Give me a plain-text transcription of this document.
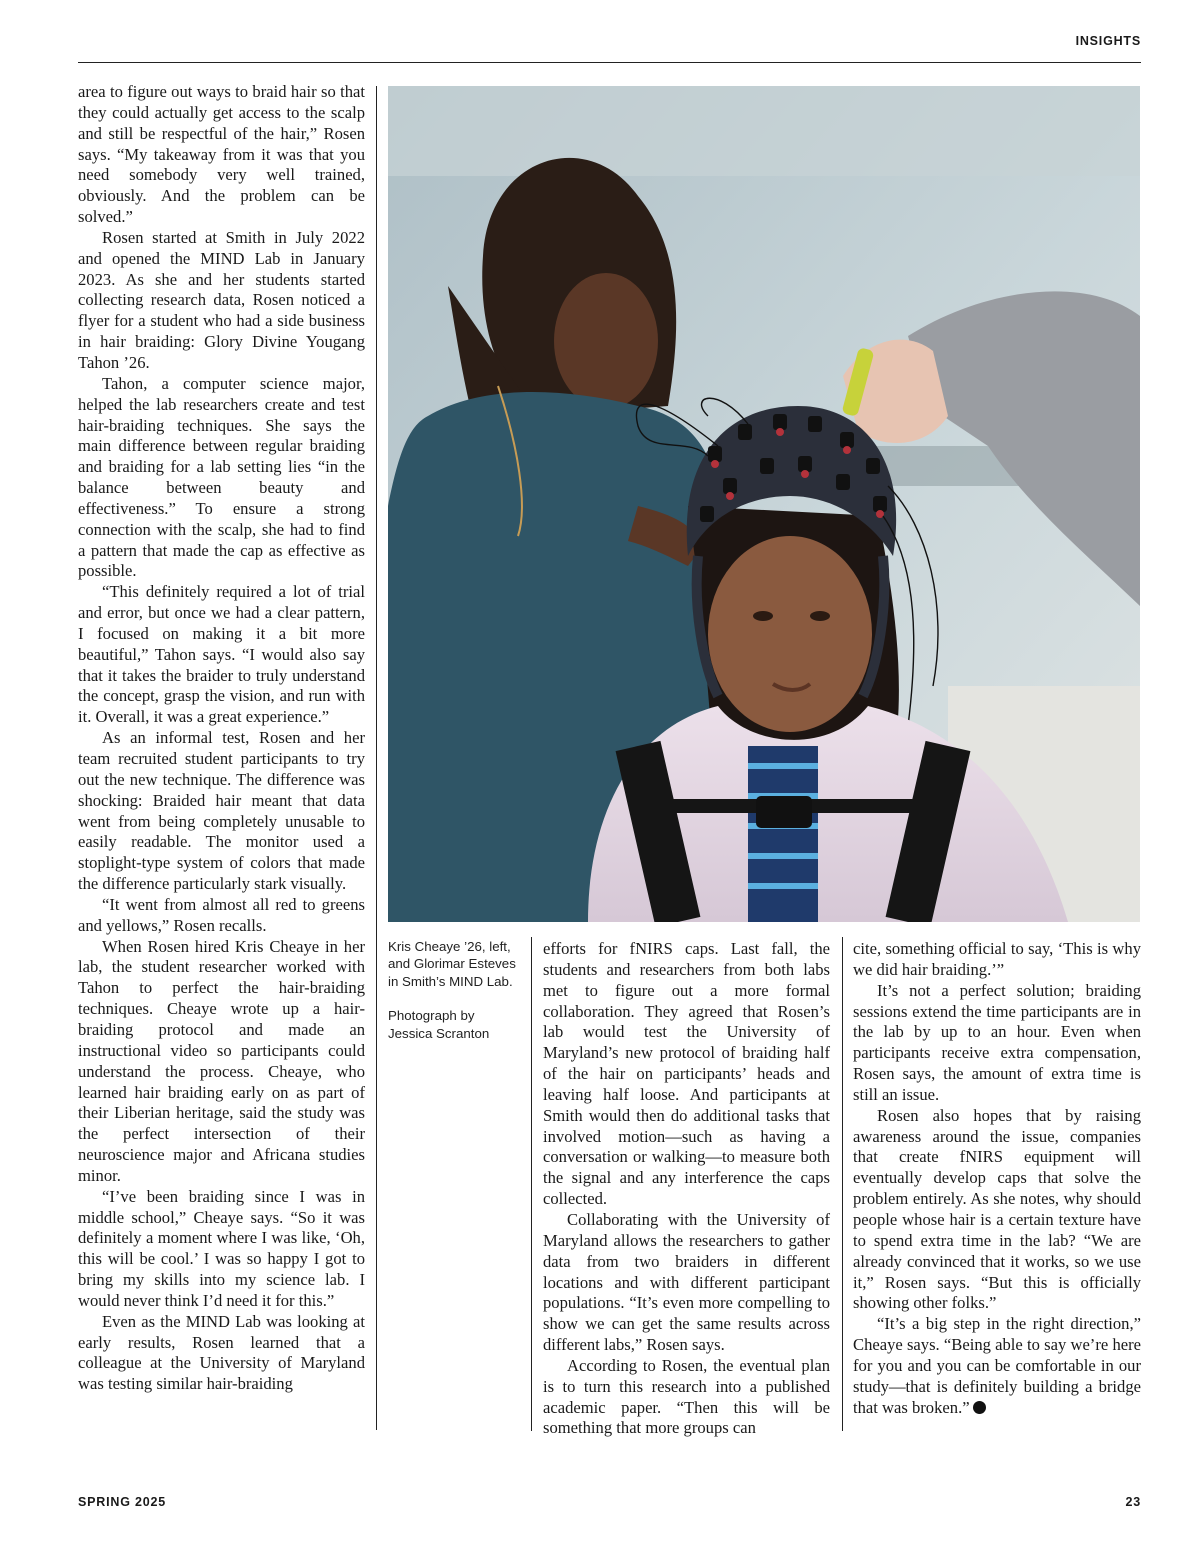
INSIGHTS

area to figure out ways to braid hair so that they could actually get access to the scalp and still be respectful of the hair,” Rosen says. “My takeaway from it was that you need somebody very well trained, obviously. And the problem can be solved.”

Rosen started at Smith in July 2022 and opened the MIND Lab in January 2023. As she and her students started collecting research data, Rosen noticed a flyer for a student who had a side business in hair braiding: Glory Divine Yougang Tahon ’26.

Tahon, a computer science major, helped the lab researchers create and test hair-braiding techniques. She says the main difference between regular braiding and braiding for a lab setting lies “in the balance between beauty and effectiveness.” To ensure a strong connection with the scalp, she had to find a pattern that made the cap as effective as possible.

“This definitely required a lot of trial and error, but once we had a clear pattern, I focused on making it a bit more beautiful,” Tahon says. “I would also say that it takes the braider to truly understand the concept, grasp the vision, and run with it. Overall, it was a great experience.”

As an informal test, Rosen and her team recruited student participants to try out the new technique. The difference was shocking: Braided hair meant that data went from being completely unusable to easily readable. The monitor used a stoplight-type system of colors that made the difference particularly stark visually.

“It went from almost all red to greens and yellows,” Rosen recalls.

When Rosen hired Kris Cheaye in her lab, the student researcher worked with Tahon to perfect the hair-braiding techniques. Cheaye wrote up a hair-braiding protocol and made an instructional video so participants could understand the process. Cheaye, who learned hair braiding early on as part of their Liberian heritage, said the study was the perfect intersection of their neuroscience major and Africana studies minor.

“I’ve been braiding since I was in middle school,” Cheaye says. “So it was definitely a moment where I was like, ‘Oh, this will be cool.’ I was so happy I got to bring my skills into my science lab. I would never think I’d need it for this.”

Even as the MIND Lab was looking at early results, Rosen learned that a colleague at the University of Maryland was testing similar hair-braiding

Kris Cheaye ’26, left, and Glorimar Esteves in Smith’s MIND Lab.

Photograph by Jessica Scranton

efforts for fNIRS caps. Last fall, the students and researchers from both labs met to figure out a more formal collaboration. They agreed that Rosen’s lab would test the University of Maryland’s new protocol of braiding half of the hair on participants’ heads and leaving half loose. And participants at Smith would then do additional tasks that involved motion—such as having a conversation or walking—to measure both the signal and any interference the caps collected.

Collaborating with the University of Maryland allows the researchers to gather data from two braiders in different locations and with different participant populations. “It’s even more compelling to show we can get the same results across different labs,” Rosen says.

According to Rosen, the eventual plan is to turn this research into a published academic paper. “Then this will be something that more groups can

cite, something official to say, ‘This is why we did hair braiding.’”

It’s not a perfect solution; braiding sessions extend the time participants are in the lab by up to an hour. Even when participants receive extra compensation, Rosen says, the amount of extra time is still an issue.

Rosen also hopes that by raising awareness around the issue, companies that create fNIRS equipment will eventually develop caps that solve the problem entirely. As she notes, why should people whose hair is a certain texture have to spend extra time in the lab? “We are already convinced that it works, so we use it,” Rosen says. “But this is officially showing other folks.”

“It’s a big step in the right direction,” Cheaye says. “Being able to say we’re here for you and you can be comfortable in our study—that is definitely building a bridge that was broken.”

SPRING 2025	23
